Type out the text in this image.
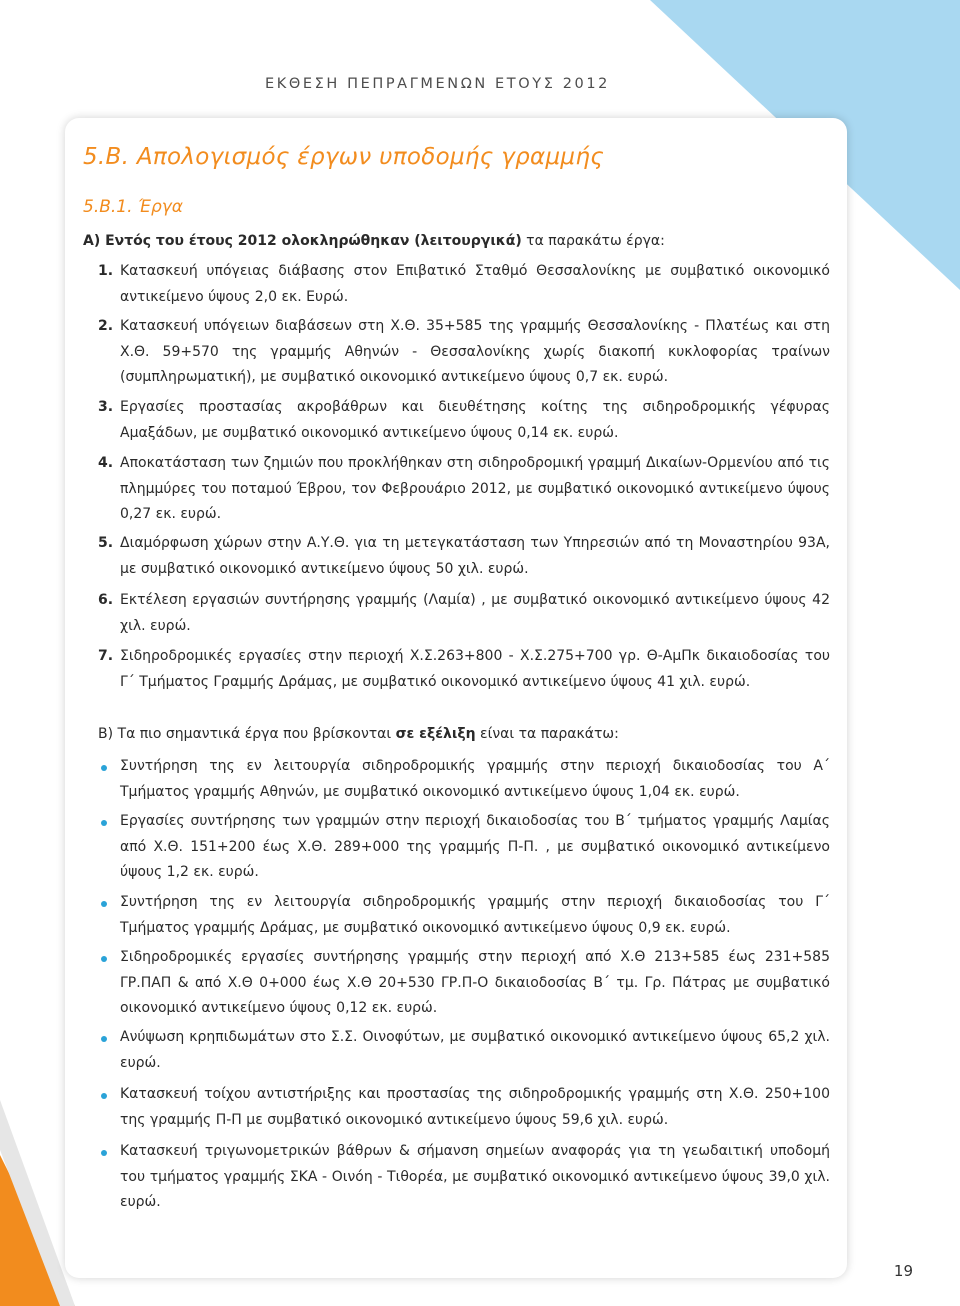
ΕΚΘΕΣΗ ΠΕΠΡΑΓΜΕΝΩΝ ΕΤΟΥΣ 2012
5.Β. Απολογισμός έργων υποδομής γραμμής
5.Β.1. Έργα
Α) Εντός του έτους 2012 ολοκληρώθηκαν (λειτουργικά) τα παρακάτω έργα:
1. Κατασκευή υπόγειας διάβασης στον Επιβατικό Σταθμό Θεσσαλονίκης με συμβατικό οικονομικό αντικείμενο ύψους 2,0 εκ. Ευρώ.
2. Κατασκευή υπόγειων διαβάσεων στη Χ.Θ. 35+585 της γραμμής Θεσσαλονίκης - Πλατέως και στη Χ.Θ. 59+570 της γραμμής Αθηνών - Θεσσαλονίκης χωρίς διακοπή κυκλοφορίας τραίνων (συμπληρωματική), με συμβατικό οικονομικό αντικείμενο ύψους 0,7 εκ. ευρώ.
3. Εργασίες προστασίας ακροβάθρων και διευθέτησης κοίτης της σιδηροδρομικής γέφυρας Αμαξάδων, με συμβατικό οικονομικό αντικείμενο ύψους 0,14 εκ. ευρώ.
4. Αποκατάσταση των ζημιών που προκλήθηκαν στη σιδηροδρομική γραμμή Δικαίων-Ορμενίου από τις πλημμύρες του ποταμού Έβρου, τον Φεβρουάριο 2012, με συμβατικό οικονομικό αντικείμενο ύψους 0,27 εκ. ευρώ.
5. Διαμόρφωση χώρων στην Α.Υ.Θ. για τη μετεγκατάσταση των Υπηρεσιών από τη Μοναστηρίου 93Α, με συμβατικό οικονομικό αντικείμενο ύψους 50 χιλ. ευρώ.
6. Εκτέλεση εργασιών συντήρησης γραμμής (Λαμία) , με συμβατικό οικονομικό αντικείμενο ύψους 42 χιλ. ευρώ.
7. Σιδηροδρομικές εργασίες στην περιοχή Χ.Σ.263+800 - Χ.Σ.275+700 γρ. Θ-ΑμΠκ δικαιοδοσίας του Γ΄ Τμήματος Γραμμής Δράμας, με συμβατικό οικονομικό αντικείμενο ύψους 41 χιλ. ευρώ.
Β) Τα πιο σημαντικά έργα που βρίσκονται σε εξέλιξη είναι τα παρακάτω:
Συντήρηση της εν λειτουργία σιδηροδρομικής γραμμής στην περιοχή δικαιοδοσίας του Α΄ Τμήματος γραμμής Αθηνών, με συμβατικό οικονομικό αντικείμενο ύψους 1,04 εκ. ευρώ.
Εργασίες συντήρησης των γραμμών στην περιοχή δικαιοδοσίας του Β΄ τμήματος γραμμής Λαμίας από Χ.Θ. 151+200 έως Χ.Θ. 289+000 της γραμμής Π-Π. , με συμβατικό οικονομικό αντικείμενο ύψους 1,2 εκ. ευρώ.
Συντήρηση της εν λειτουργία σιδηροδρομικής γραμμής στην περιοχή δικαιοδοσίας του Γ΄ Τμήματος γραμμής Δράμας, με συμβατικό οικονομικό αντικείμενο ύψους 0,9 εκ. ευρώ.
Σιδηροδρομικές εργασίες συντήρησης γραμμής στην περιοχή από Χ.Θ 213+585 έως 231+585 ΓΡ.ΠΑΠ & από Χ.Θ 0+000 έως Χ.Θ 20+530 ΓΡ.Π-Ο δικαιοδοσίας Β΄ τμ. Γρ. Πάτρας με συμβατικό οικονομικό αντικείμενο ύψους 0,12 εκ. ευρώ.
Ανύψωση κρηπιδωμάτων στο Σ.Σ. Οινοφύτων, με συμβατικό οικονομικό αντικείμενο ύψους 65,2 χιλ. ευρώ.
Κατασκευή τοίχου αντιστήριξης και προστασίας της σιδηροδρομικής γραμμής στη Χ.Θ. 250+100 της γραμμής Π-Π με συμβατικό οικονομικό αντικείμενο ύψους 59,6 χιλ. ευρώ.
Κατασκευή τριγωνομετρικών βάθρων & σήμανση σημείων αναφοράς για τη γεωδαιτική υποδομή του τμήματος γραμμής ΣΚΑ - Οινόη - Τιθορέα, με συμβατικό οικονομικό αντικείμενο ύψους 39,0 χιλ. ευρώ.
19
